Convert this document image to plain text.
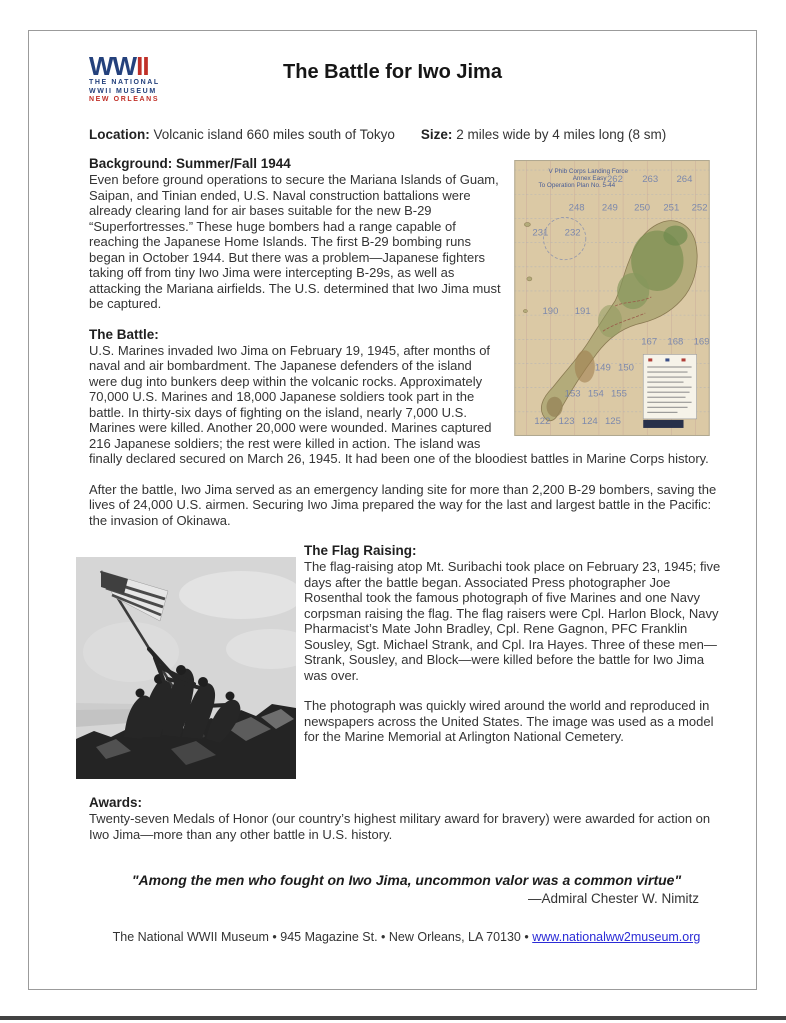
WWII
THE NATIONAL
WWII MUSEUM
NEW ORLEANS
The Battle for Iwo Jima

Location: Volcanic island 660 miles south of Tokyo Size: 2 miles wide by 4 miles long (8 sm)

V Phib Corps Landing Force
Annex Easy
To Operation Plan No. 5-44
262 263 264
248 249 250 251 252
231 232
190 191
167 168 169
149 150
153 154 155
122 123 124 125
Background: Summer/Fall 1944

Even before ground operations to secure the Mariana Islands of Guam, Saipan, and Tinian ended, U.S. Naval construction battalions were already clearing land for air bases suitable for the new B-29 “Superfortresses.” These huge bombers had a range capable of reaching the Japanese Home Islands. The first B-29 bombing runs began in October 1944. But there was a problem—Japanese fighters taking off from tiny Iwo Jima were intercepting B-29s, as well as attacking the Mariana airfields. The U.S. determined that Iwo Jima must be captured.

The Battle:

U.S. Marines invaded Iwo Jima on February 19, 1945, after months of naval and air bombardment. The Japanese defenders of the island were dug into bunkers deep within the volcanic rocks. Approximately 70,000 U.S. Marines and 18,000 Japanese soldiers took part in the battle. In thirty-six days of fighting on the island, nearly 7,000 U.S. Marines were killed. Another 20,000 were wounded. Marines captured 216 Japanese soldiers; the rest were killed in action. The island was finally declared secured on March 26, 1945. It had been one of the bloodiest battles in Marine Corps history.

After the battle, Iwo Jima served as an emergency landing site for more than 2,200 B-29 bombers, saving the lives of 24,000 U.S. airmen. Securing Iwo Jima prepared the way for the last and largest battle in the Pacific: the invasion of Okinawa.

The Flag Raising:

The flag-raising atop Mt. Suribachi took place on February 23, 1945; five days after the battle began. Associated Press photographer Joe Rosenthal took the famous photograph of five Marines and one Navy corpsman raising the flag. The flag raisers were Cpl. Harlon Block, Navy Pharmacist’s Mate John Bradley, Cpl. Rene Gagnon, PFC Franklin Sousley, Sgt. Michael Strank, and Cpl. Ira Hayes. Three of these men—Strank, Sousley, and Block—were killed before the battle for Iwo Jima was over.

The photograph was quickly wired around the world and reproduced in newspapers across the United States. The image was used as a model for the Marine Memorial at Arlington National Cemetery.

Awards:

Twenty-seven Medals of Honor (our country’s highest military award for bravery) were awarded for action on Iwo Jima—more than any other battle in U.S. history.

"Among the men who fought on Iwo Jima, uncommon valor was a common virtue"

—Admiral Chester W. Nimitz

The National WWII Museum • 945 Magazine St. • New Orleans, LA 70130 • www.nationalww2museum.org
